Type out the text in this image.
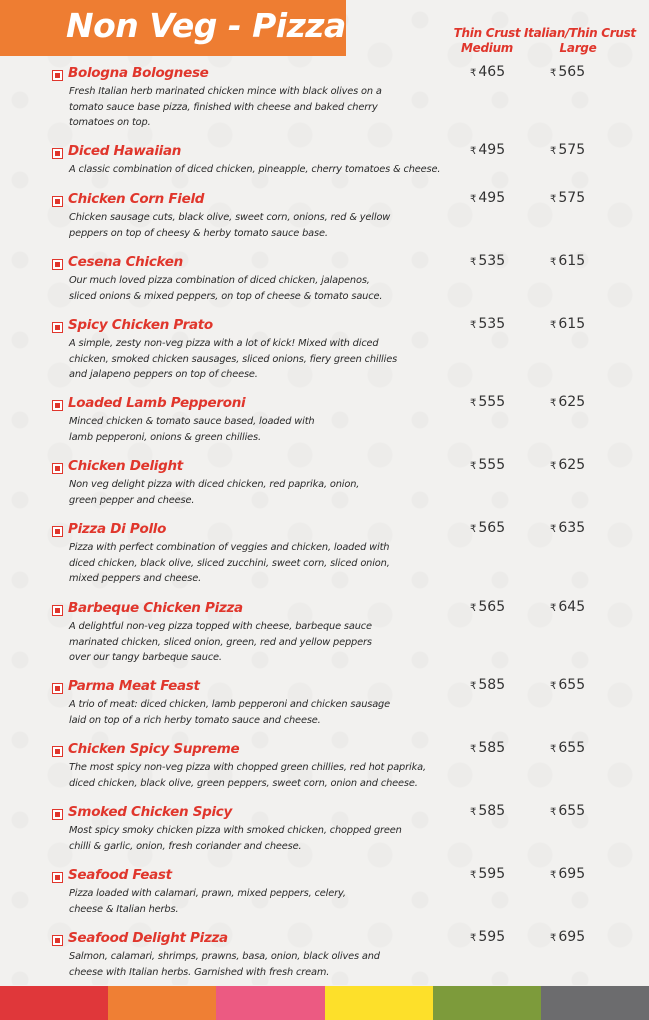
Non Veg - Pizza	Thin Crust
Medium
Italian/Thin Crust
Large
Bologna Bolognese
Fresh Italian herb marinated chicken mince with black olives on a
tomato sauce base pizza, finished with cheese and baked cherry
tomatoes on top.
₹ 465	₹ 565
Diced Hawaiian
A classic combination of diced chicken, pineapple, cherry tomatoes & cheese.
₹ 495	₹ 575
Chicken Corn Field
Chicken sausage cuts, black olive, sweet corn, onions, red & yellow
peppers on top of cheesy & herby tomato sauce base.
₹ 495	₹ 575
Cesena Chicken
Our much loved pizza combination of diced chicken, jalapenos,
sliced onions & mixed peppers, on top of cheese & tomato sauce.
₹ 535	₹ 615
Spicy Chicken Prato
A simple, zesty non-veg pizza with a lot of kick! Mixed with diced
chicken, smoked chicken sausages, sliced onions, fiery green chillies
and jalapeno peppers on top of cheese.
₹ 535	₹ 615
Loaded Lamb Pepperoni
Minced chicken & tomato sauce based, loaded with
lamb pepperoni, onions & green chillies.
₹ 555	₹ 625
Chicken Delight
Non veg delight pizza with diced chicken, red paprika, onion,
green pepper and cheese.
₹ 555	₹ 625
Pizza Di Pollo
Pizza with perfect combination of veggies and chicken, loaded with
diced chicken, black olive, sliced zucchini, sweet corn, sliced onion,
mixed peppers and cheese.
₹ 565	₹ 635
Barbeque Chicken Pizza
A delightful non-veg pizza topped with cheese, barbeque sauce
marinated chicken, sliced onion, green, red and yellow peppers
over our tangy barbeque sauce.
₹ 565	₹ 645
Parma Meat Feast
A trio of meat: diced chicken, lamb pepperoni and chicken sausage
laid on top of a rich herby tomato sauce and cheese.
₹ 585	₹ 655
Chicken Spicy Supreme
The most spicy non-veg pizza with chopped green chillies, red hot paprika,
diced chicken, black olive, green peppers, sweet corn, onion and cheese.
₹ 585	₹ 655
Smoked Chicken Spicy
Most spicy smoky chicken pizza with smoked chicken, chopped green
chilli & garlic, onion, fresh coriander and cheese.
₹ 585	₹ 655
Seafood Feast
Pizza loaded with calamari, prawn, mixed peppers, celery,
cheese & Italian herbs.
₹ 595	₹ 695
Seafood Delight Pizza
Salmon, calamari, shrimps, prawns, basa, onion, black olives and
cheese with Italian herbs. Garnished with fresh cream.
₹ 595	₹ 695
